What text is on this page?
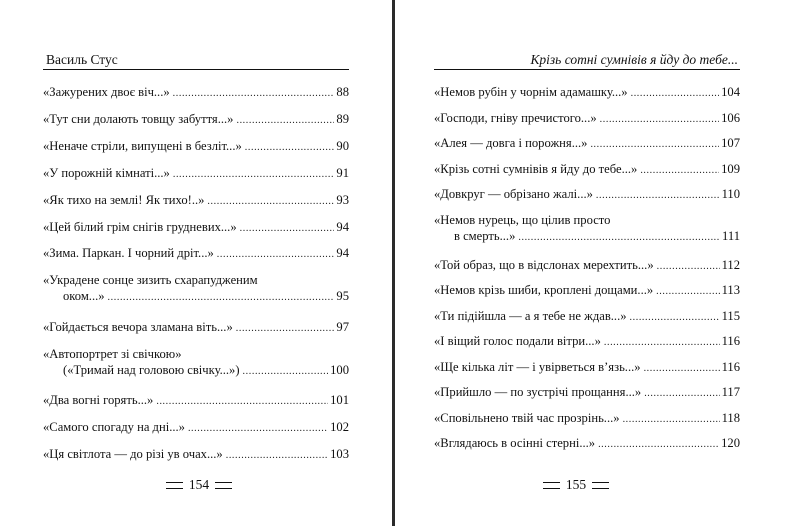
Василь Стус
«Зажурених двоє віч...» .....	88
«Тут сни долають товщу забуття...» .....	89
«Неначе стріли, випущені в безліт...» .....	90
«У порожній кімнаті...» .....	91
«Як тихо на землі! Як тихо!..» .....	93
«Цей білий грім снігів грудневих...» .....	94
«Зима. Паркан. І чорний дріт...» .....	94
«Украдене сонце зизить схарапудженим
оком...» .....	95
«Гойдається вечора зламана віть...» .....	97
«Автопортрет зі свічкою»
(«Тримай над головою свічку...») .....	100
«Два вогні горять...» .....	101
«Самого спогаду на дні...» .....	102
«Ця світлота — до різі ув очах...» .....	103
154
Крізь сотні сумнівів я йду до тебе...
«Немов рубін у чорнім адамашку...» .....	104
«Господи, гніву пречистого...» .....	106
«Алея — довга і порожня...» .....	107
«Крізь сотні сумнівів я йду до тебе...» .....	109
«Довкруг — обрізано жалі...» .....	110
«Немов нурець, що цілив просто
в смерть...» .....	111
«Той образ, що в відслонах мерехтить...» .....	112
«Немов крізь шиби, кроплені дощами...» .....	113
«Ти підійшла — а я тебе не ждав...» .....	115
«І віщий голос подали вітри...» .....	116
«Ще кілька літ — і увірветься в’язь...» .....	116
«Прийшло — по зустрічі прощання...» .....	117
«Сповільнено твій час прозрінь...» .....	118
«Вглядаюсь в осінні стерні...» .....	120
155
